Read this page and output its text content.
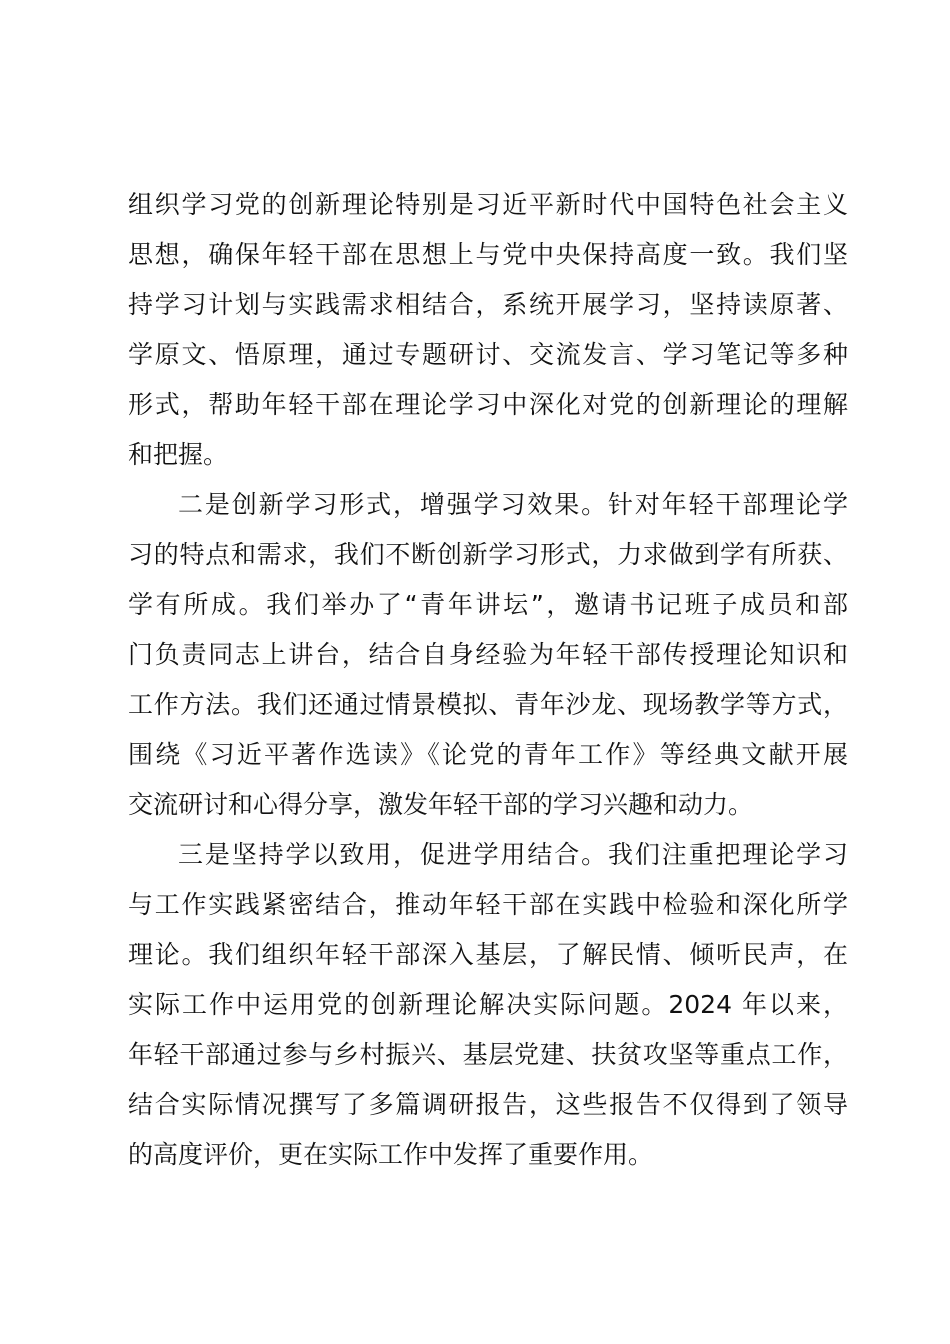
组织学习党的创新理论特别是习近平新时代中国特色社会主义

思想，确保年轻干部在思想上与党中央保持高度一致。我们坚

持学习计划与实践需求相结合，系统开展学习，坚持读原著、

学原文、悟原理，通过专题研讨、交流发言、学习笔记等多种

形式，帮助年轻干部在理论学习中深化对党的创新理论的理解

和把握。

二是创新学习形式，增强学习效果。针对年轻干部理论学

习的特点和需求，我们不断创新学习形式，力求做到学有所获、

学有所成。我们举办了“青年讲坛”，邀请书记班子成员和部

门负责同志上讲台，结合自身经验为年轻干部传授理论知识和

工作方法。我们还通过情景模拟、青年沙龙、现场教学等方式，

围绕《习近平著作选读》《论党的青年工作》等经典文献开展

交流研讨和心得分享，激发年轻干部的学习兴趣和动力。

三是坚持学以致用，促进学用结合。我们注重把理论学习

与工作实践紧密结合，推动年轻干部在实践中检验和深化所学

理论。我们组织年轻干部深入基层，了解民情、倾听民声，在

实际工作中运用党的创新理论解决实际问题。2024 年以来，

年轻干部通过参与乡村振兴、基层党建、扶贫攻坚等重点工作，

结合实际情况撰写了多篇调研报告，这些报告不仅得到了领导

的高度评价，更在实际工作中发挥了重要作用。
